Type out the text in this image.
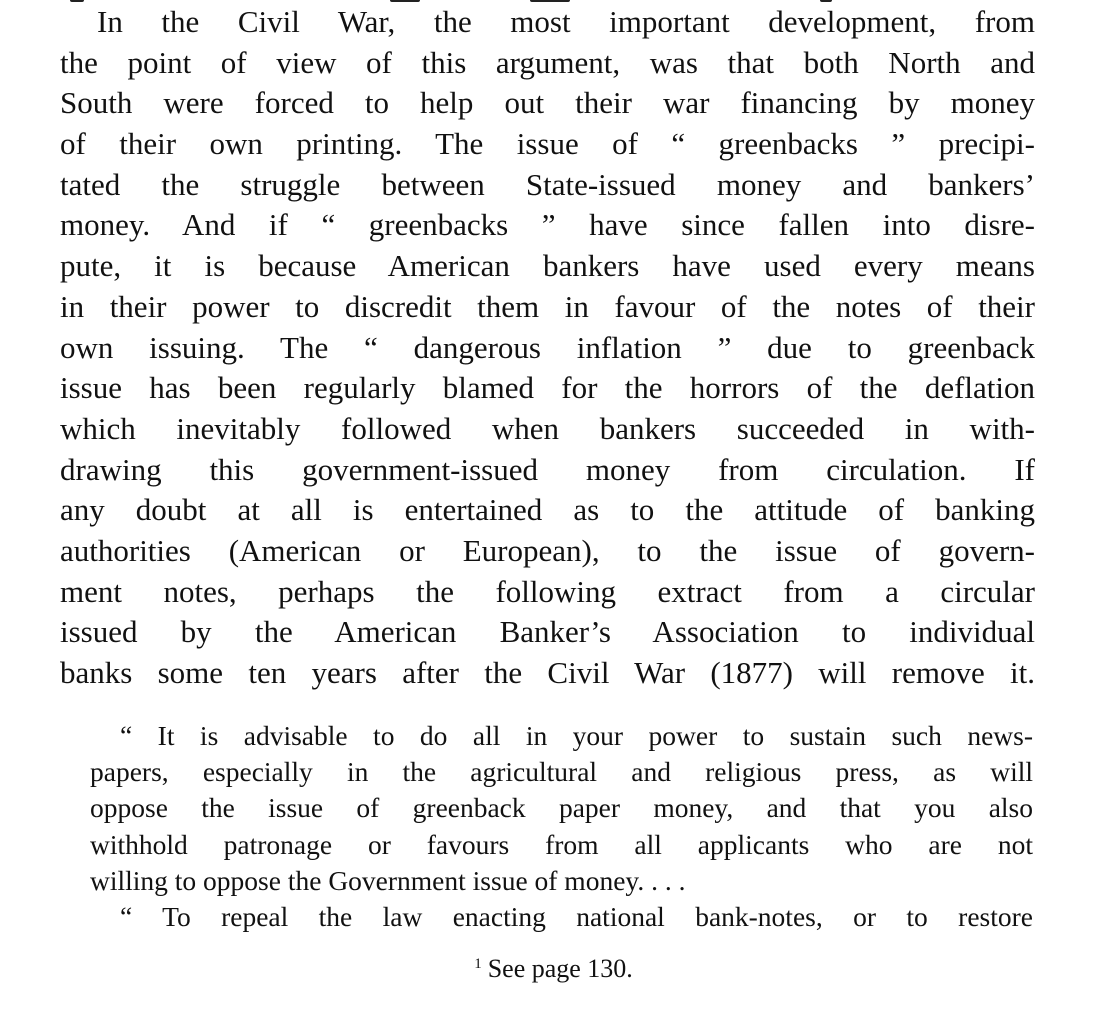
In the Civil War, the most important development, from
the point of view of this argument, was that both North and
South were forced to help out their war financing by money
of their own printing. The issue of “ greenbacks ” precipi-
tated the struggle between State-issued money and bankers’
money. And if “ greenbacks ” have since fallen into disre-
pute, it is because American bankers have used every means
in their power to discredit them in favour of the notes of their
own issuing. The “ dangerous inflation ” due to greenback
issue has been regularly blamed for the horrors of the deflation
which inevitably followed when bankers succeeded in with-
drawing this government-issued money from circulation. If
any doubt at all is entertained as to the attitude of banking
authorities (American or European), to the issue of govern-
ment notes, perhaps the following extract from a circular
issued by the American Banker’s Association to individual
banks some ten years after the Civil War (1877) will remove it.
“ It is advisable to do all in your power to sustain such news-
papers, especially in the agricultural and religious press, as will
oppose the issue of greenback paper money, and that you also
withhold patronage or favours from all applicants who are not
willing to oppose the Government issue of money. . . .
“ To repeal the law enacting national bank-notes, or to restore
$^1$ See page 130.
